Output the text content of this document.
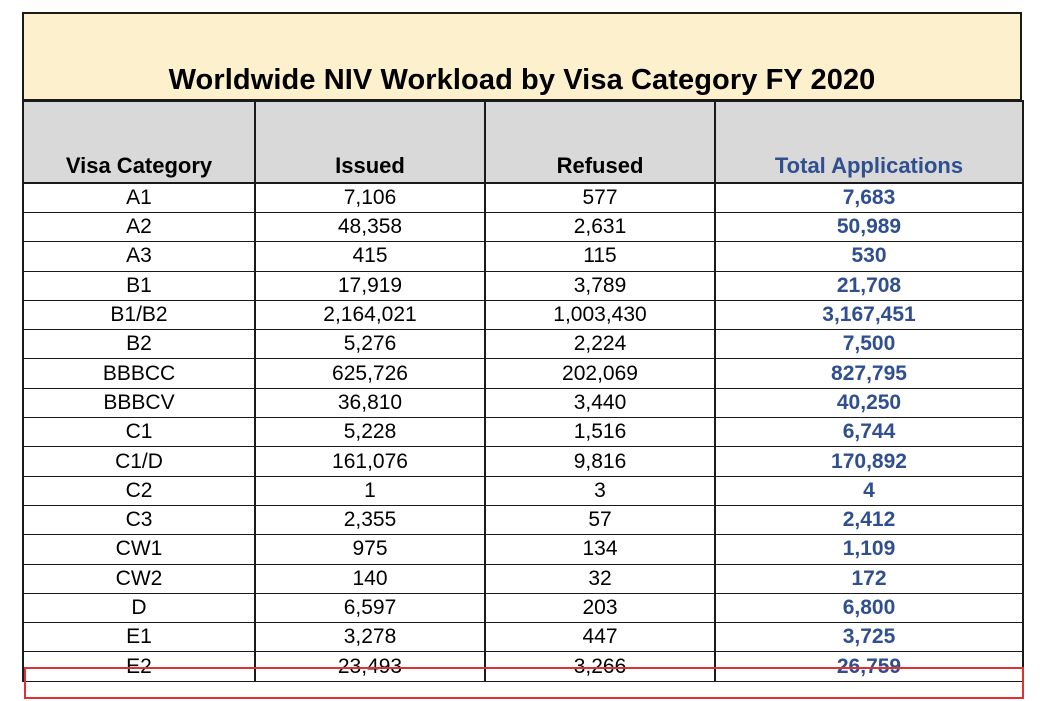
Worldwide NIV Workload by Visa Category FY 2020
Visa Category	Issued	Refused	Total Applications
A1	7,106	577	7,683
A2	48,358	2,631	50,989
A3	415	115	530
B1	17,919	3,789	21,708
B1/B2	2,164,021	1,003,430	3,167,451
B2	5,276	2,224	7,500
BBBCC	625,726	202,069	827,795
BBBCV	36,810	3,440	40,250
C1	5,228	1,516	6,744
C1/D	161,076	9,816	170,892
C2	1	3	4
C3	2,355	57	2,412
CW1	975	134	1,109
CW2	140	32	172
D	6,597	203	6,800
E1	3,278	447	3,725
E2	23,493	3,266	26,759
